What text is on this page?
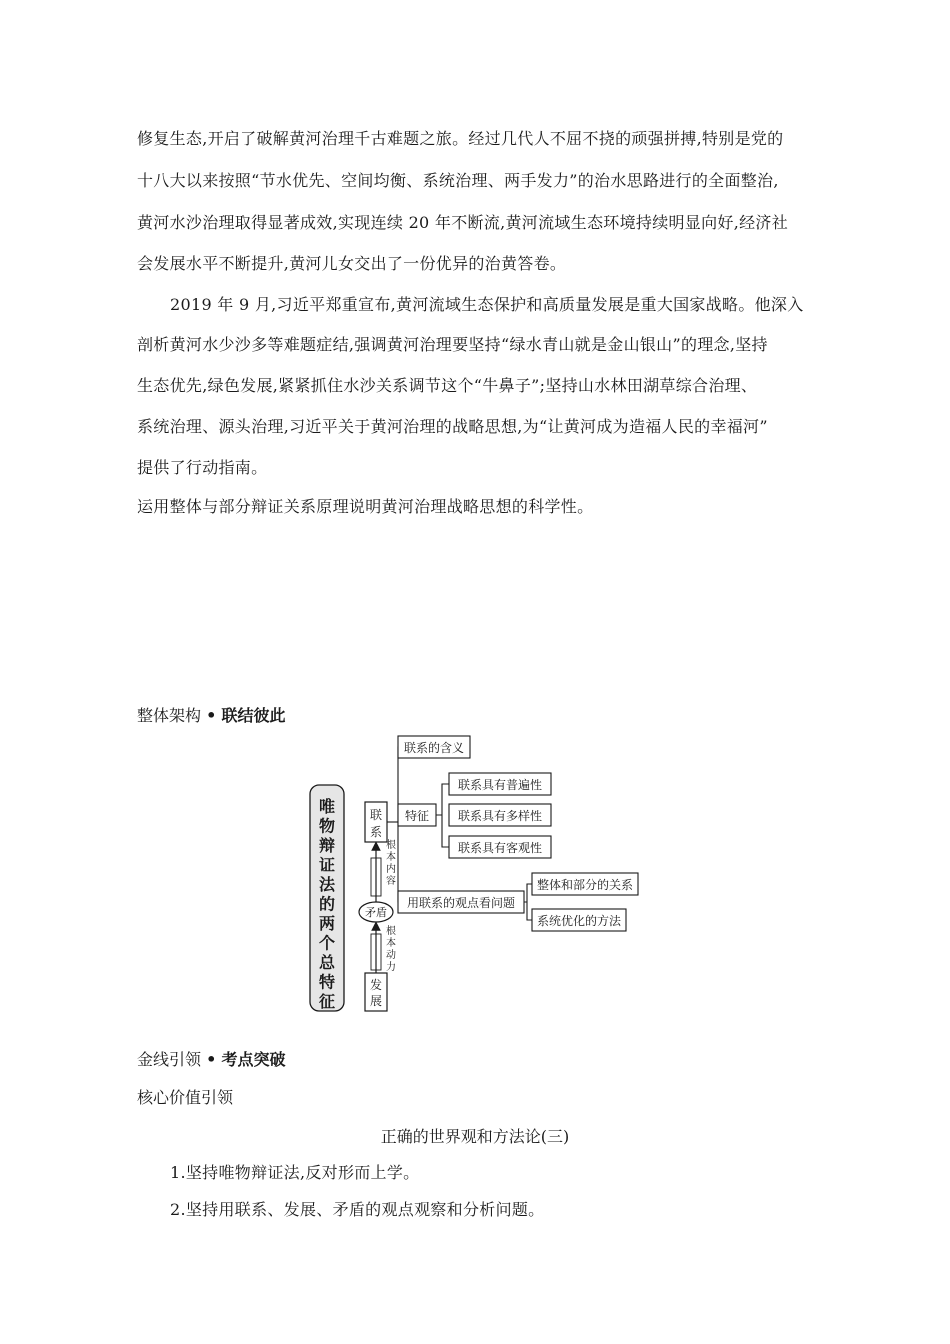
修复生态,开启了破解黄河治理千古难题之旅。经过几代人不屈不挠的顽强拼搏,特别是党的
十八大以来按照“节水优先、空间均衡、系统治理、两手发力”的治水思路进行的全面整治,
黄河水沙治理取得显著成效,实现连续 20 年不断流,黄河流域生态环境持续明显向好,经济社
会发展水平不断提升,黄河儿女交出了一份优异的治黄答卷。
2019 年 9 月,习近平郑重宣布,黄河流域生态保护和高质量发展是重大国家战略。他深入
剖析黄河水少沙多等难题症结,强调黄河治理要坚持“绿水青山就是金山银山”的理念,坚持
生态优先,绿色发展,紧紧抓住水沙关系调节这个“牛鼻子”;坚持山水林田湖草综合治理、
系统治理、源头治理,习近平关于黄河治理的战略思想,为“让黄河成为造福人民的幸福河”
提供了行动指南。
运用整体与部分辩证关系原理说明黄河治理战略思想的科学性。
整体架构 • 联结彼此
唯
物
辩
证
法
的
两
个
总
特
征
联
系
发
展
矛盾
根
本
内
容
根
本
动
力
联系的含义
特征
联系具有普遍性
联系具有多样性
联系具有客观性
用联系的观点看问题
整体和部分的关系
系统优化的方法
金线引领 • 考点突破
核心价值引领
正确的世界观和方法论(三)
1.坚持唯物辩证法,反对形而上学。
2.坚持用联系、发展、矛盾的观点观察和分析问题。
